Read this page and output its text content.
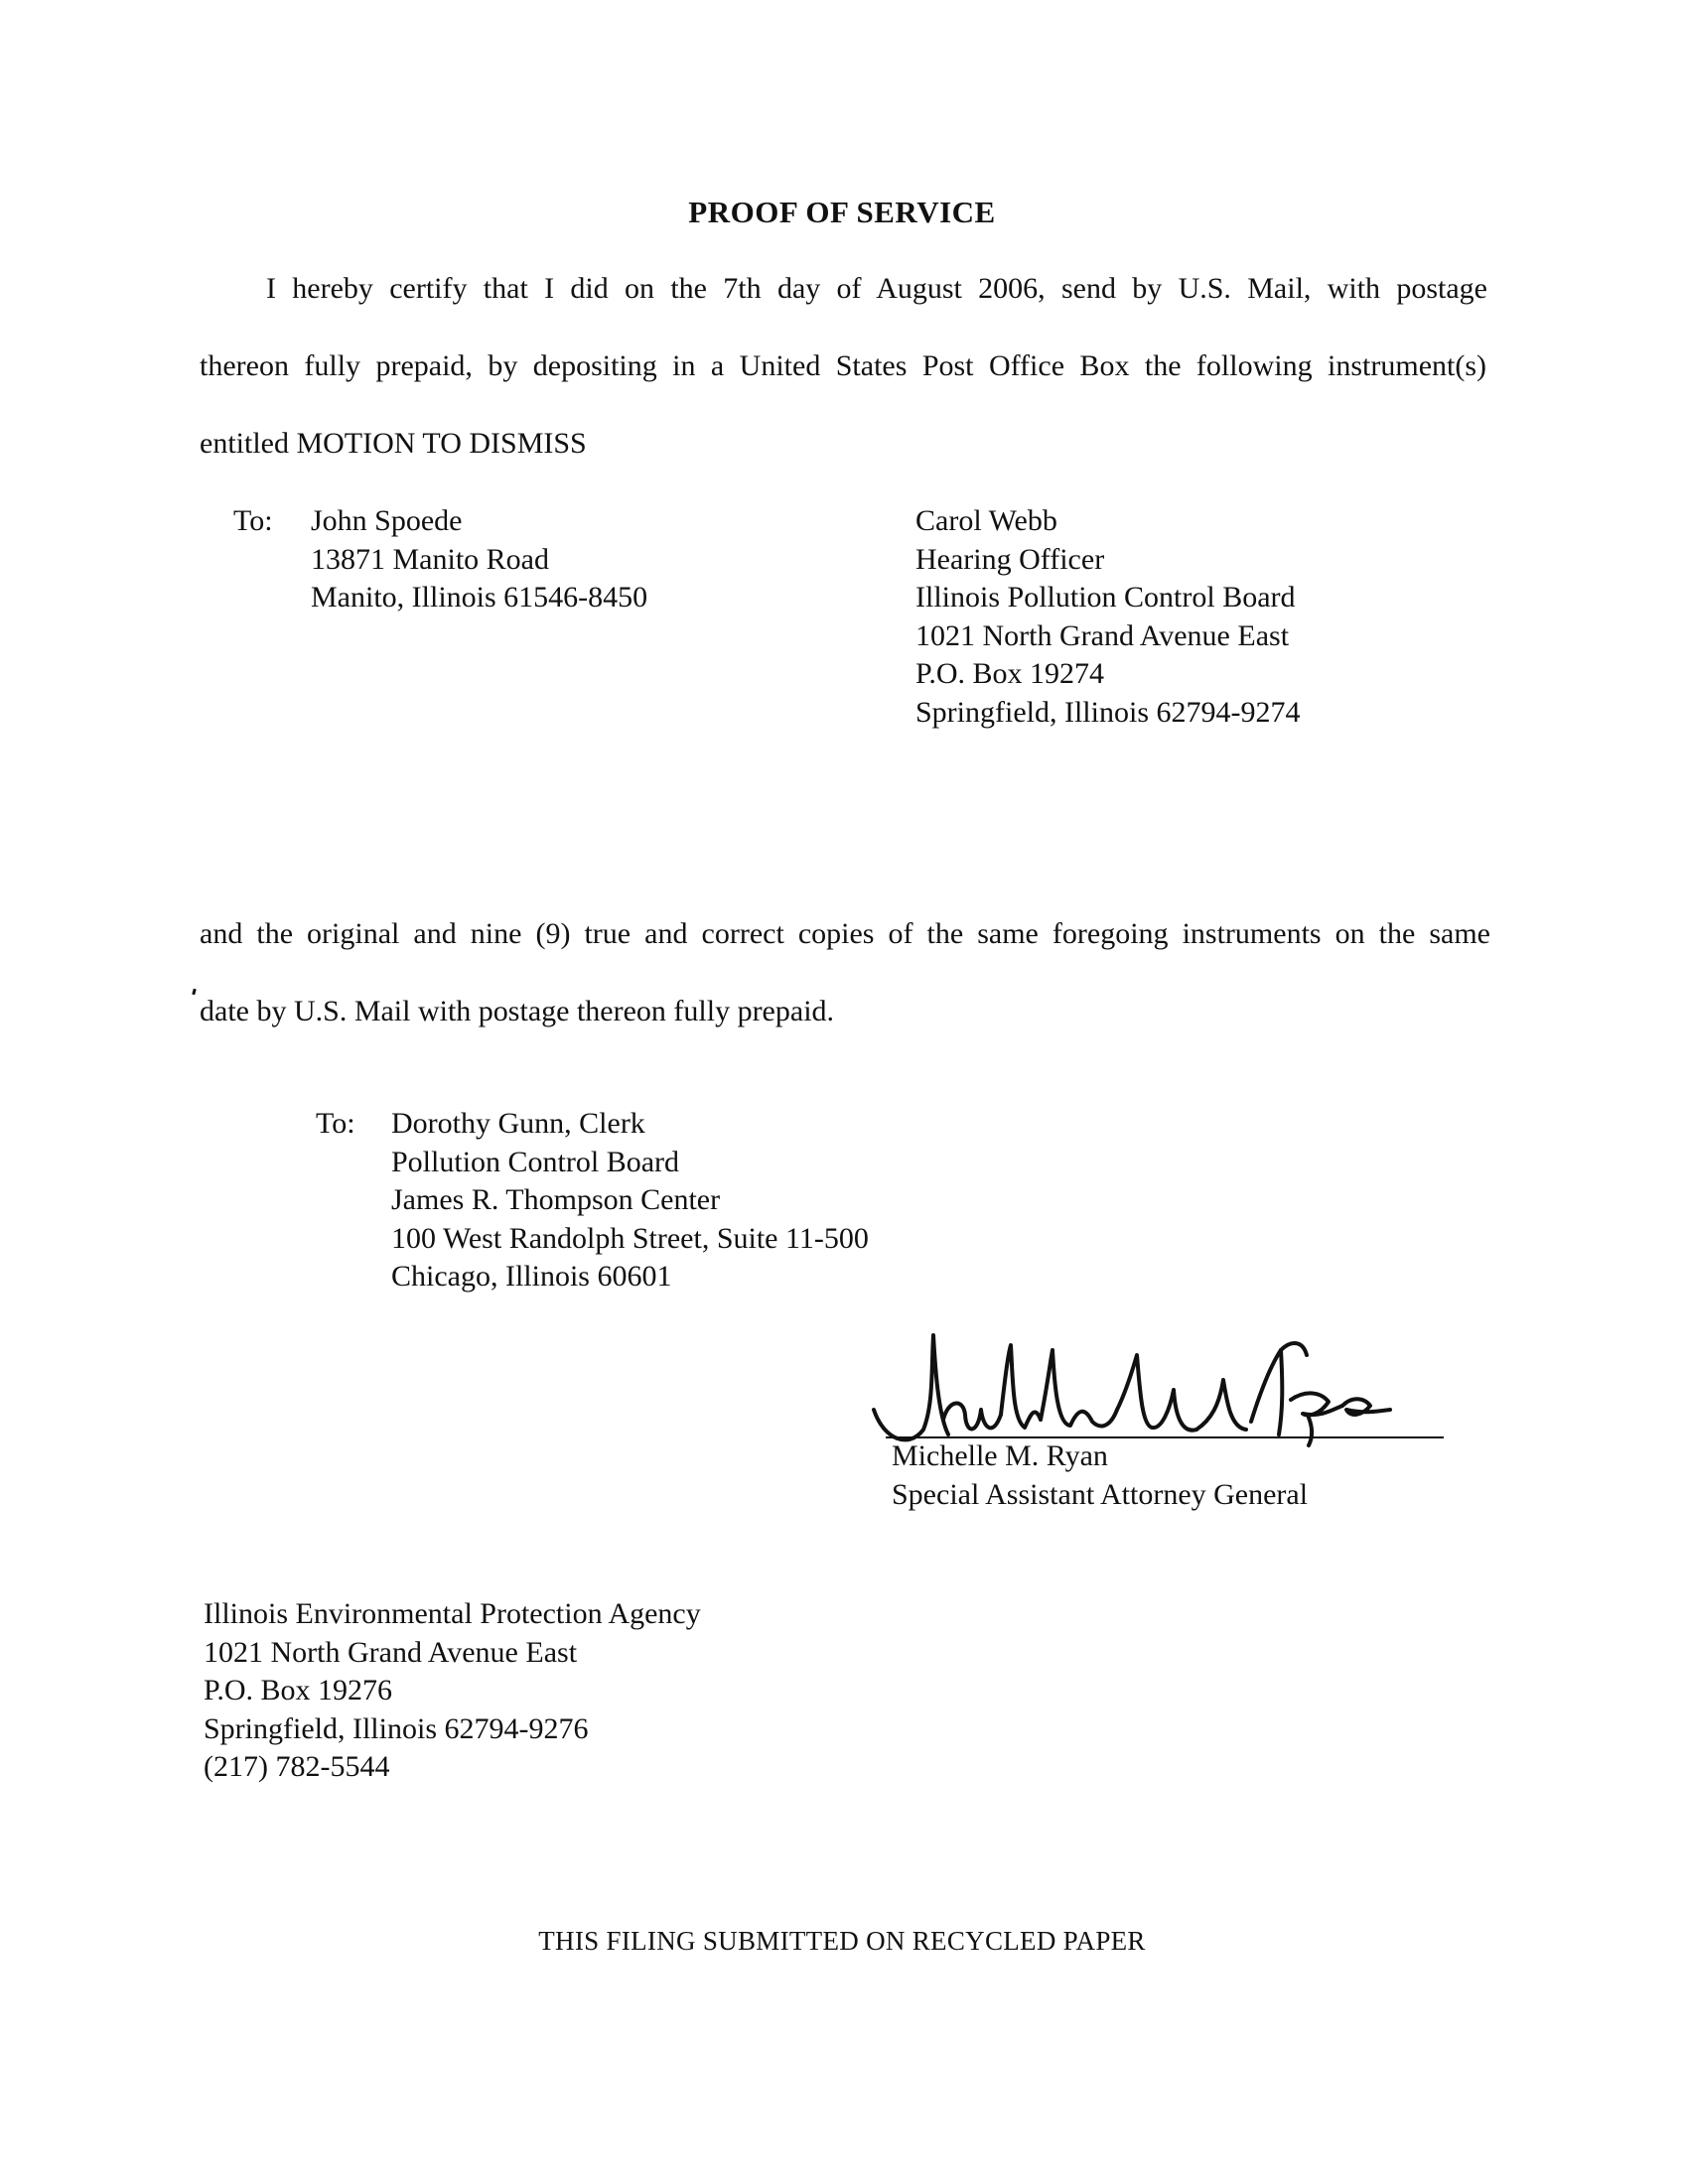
PROOF OF SERVICE
I hereby certify that I did on the 7th day of August 2006, send by U.S. Mail, with postage
thereon fully prepaid, by depositing in a United States Post Office Box the following instrument(s)
entitled MOTION TO DISMISS
To: John Spoede
13871 Manito Road
Manito, Illinois 61546-8450
Carol Webb
Hearing Officer
Illinois Pollution Control Board
1021 North Grand Avenue East
P.O. Box 19274
Springfield, Illinois 62794-9274
and the original and nine (9) true and correct copies of the same foregoing instruments on the same
date by U.S. Mail with postage thereon fully prepaid.
To: Dorothy Gunn, Clerk
Pollution Control Board
James R. Thompson Center
100 West Randolph Street, Suite 11-500
Chicago, Illinois 60601
Michelle M. Ryan
Special Assistant Attorney General
Illinois Environmental Protection Agency
1021 North Grand Avenue East
P.O. Box 19276
Springfield, Illinois 62794-9276
(217) 782-5544
THIS FILING SUBMITTED ON RECYCLED PAPER
